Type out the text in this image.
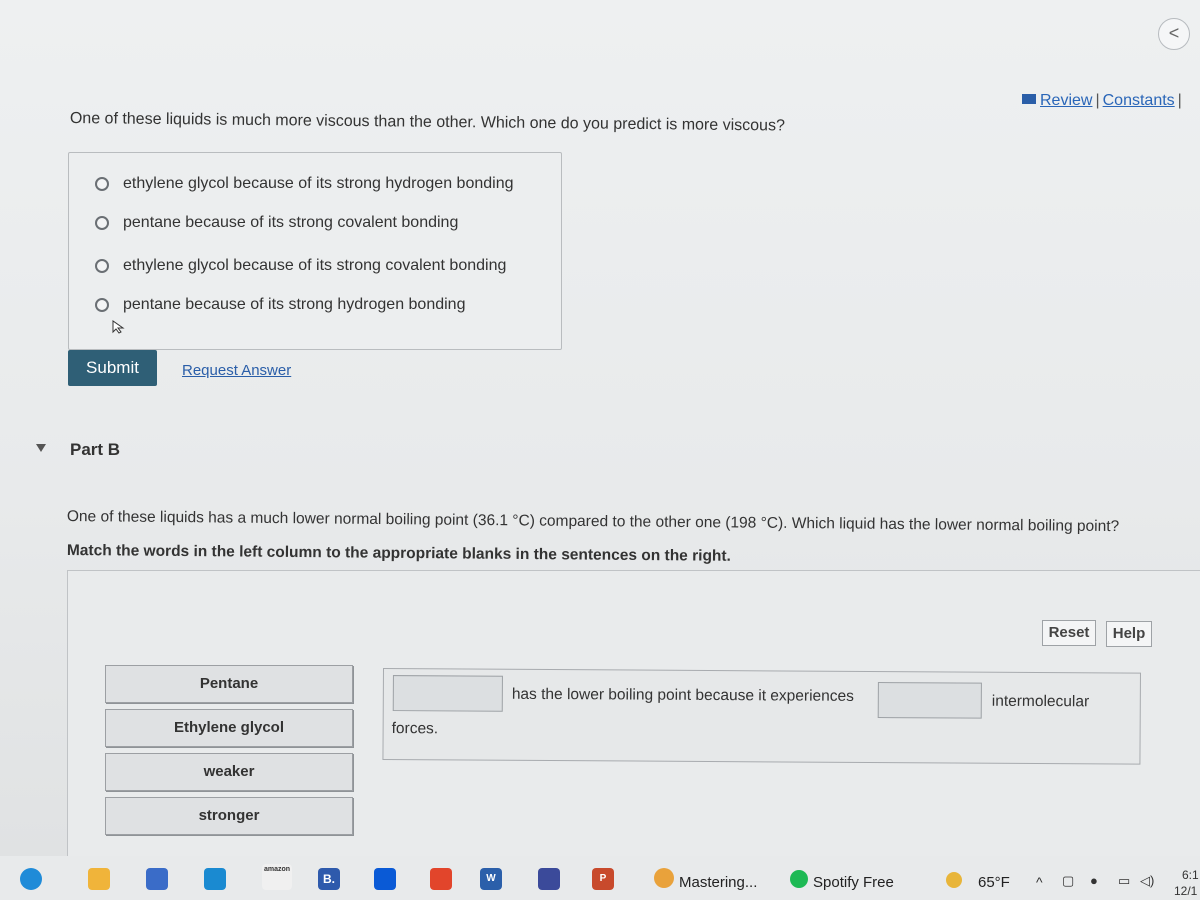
<
Review | Constants |
One of these liquids is much more viscous than the other. Which one do you predict is more viscous?
ethylene glycol because of its strong hydrogen bonding
pentane because of its strong covalent bonding
ethylene glycol because of its strong covalent bonding
pentane because of its strong hydrogen bonding
Submit	Request Answer
Part B
One of these liquids has a much lower normal boiling point (36.1 °C) compared to the other one (198 °C). Which liquid has the lower normal boiling point?
Match the words in the left column to the appropriate blanks in the sentences on the right.
Reset	Help
Pentane
Ethylene glycol
weaker
stronger
has the lower boiling point because it experiences	intermolecular
forces.
amazon
B.	W	P	Mastering...	Spotify Free	65°F ^ ▢ ● ▭ ◁) 6:1
12/1
